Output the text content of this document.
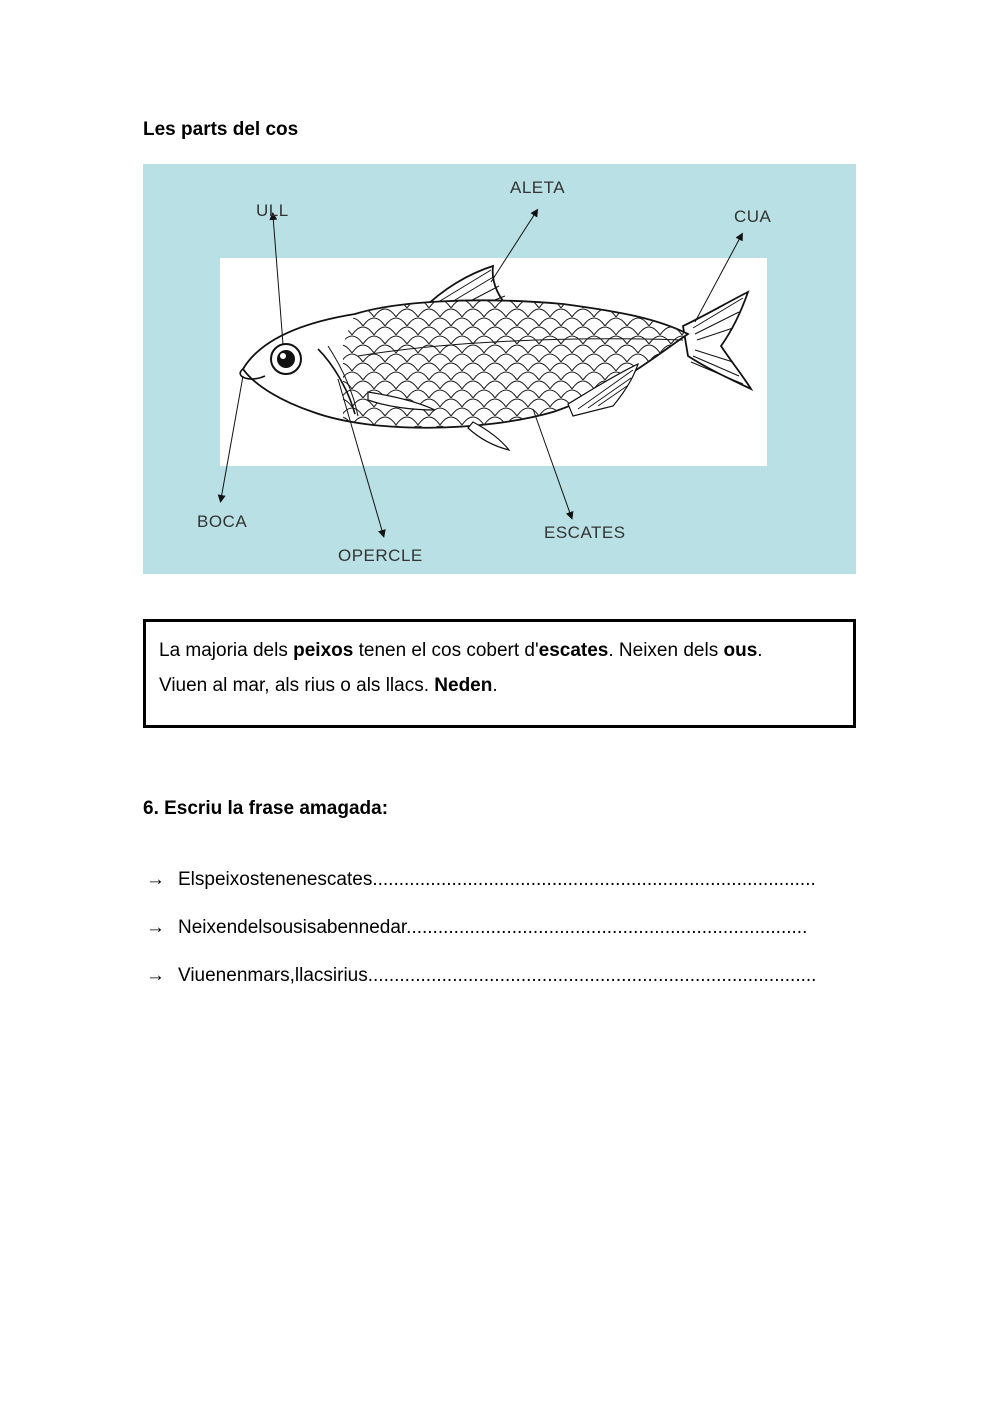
Les parts del cos
ULL
ALETA
CUA
BOCA
OPERCLE
ESCATES
La majoria dels peixos tenen el cos cobert d'escates. Neixen dels ous.
Viuen al mar, als rius o als llacs. Neden.
6. Escriu la frase amagada:
→ Elspeixostenenescates....................................................................................
→ Neixendelsousisabennedar............................................................................
→ Viuenenmars,llacsirius.....................................................................................
